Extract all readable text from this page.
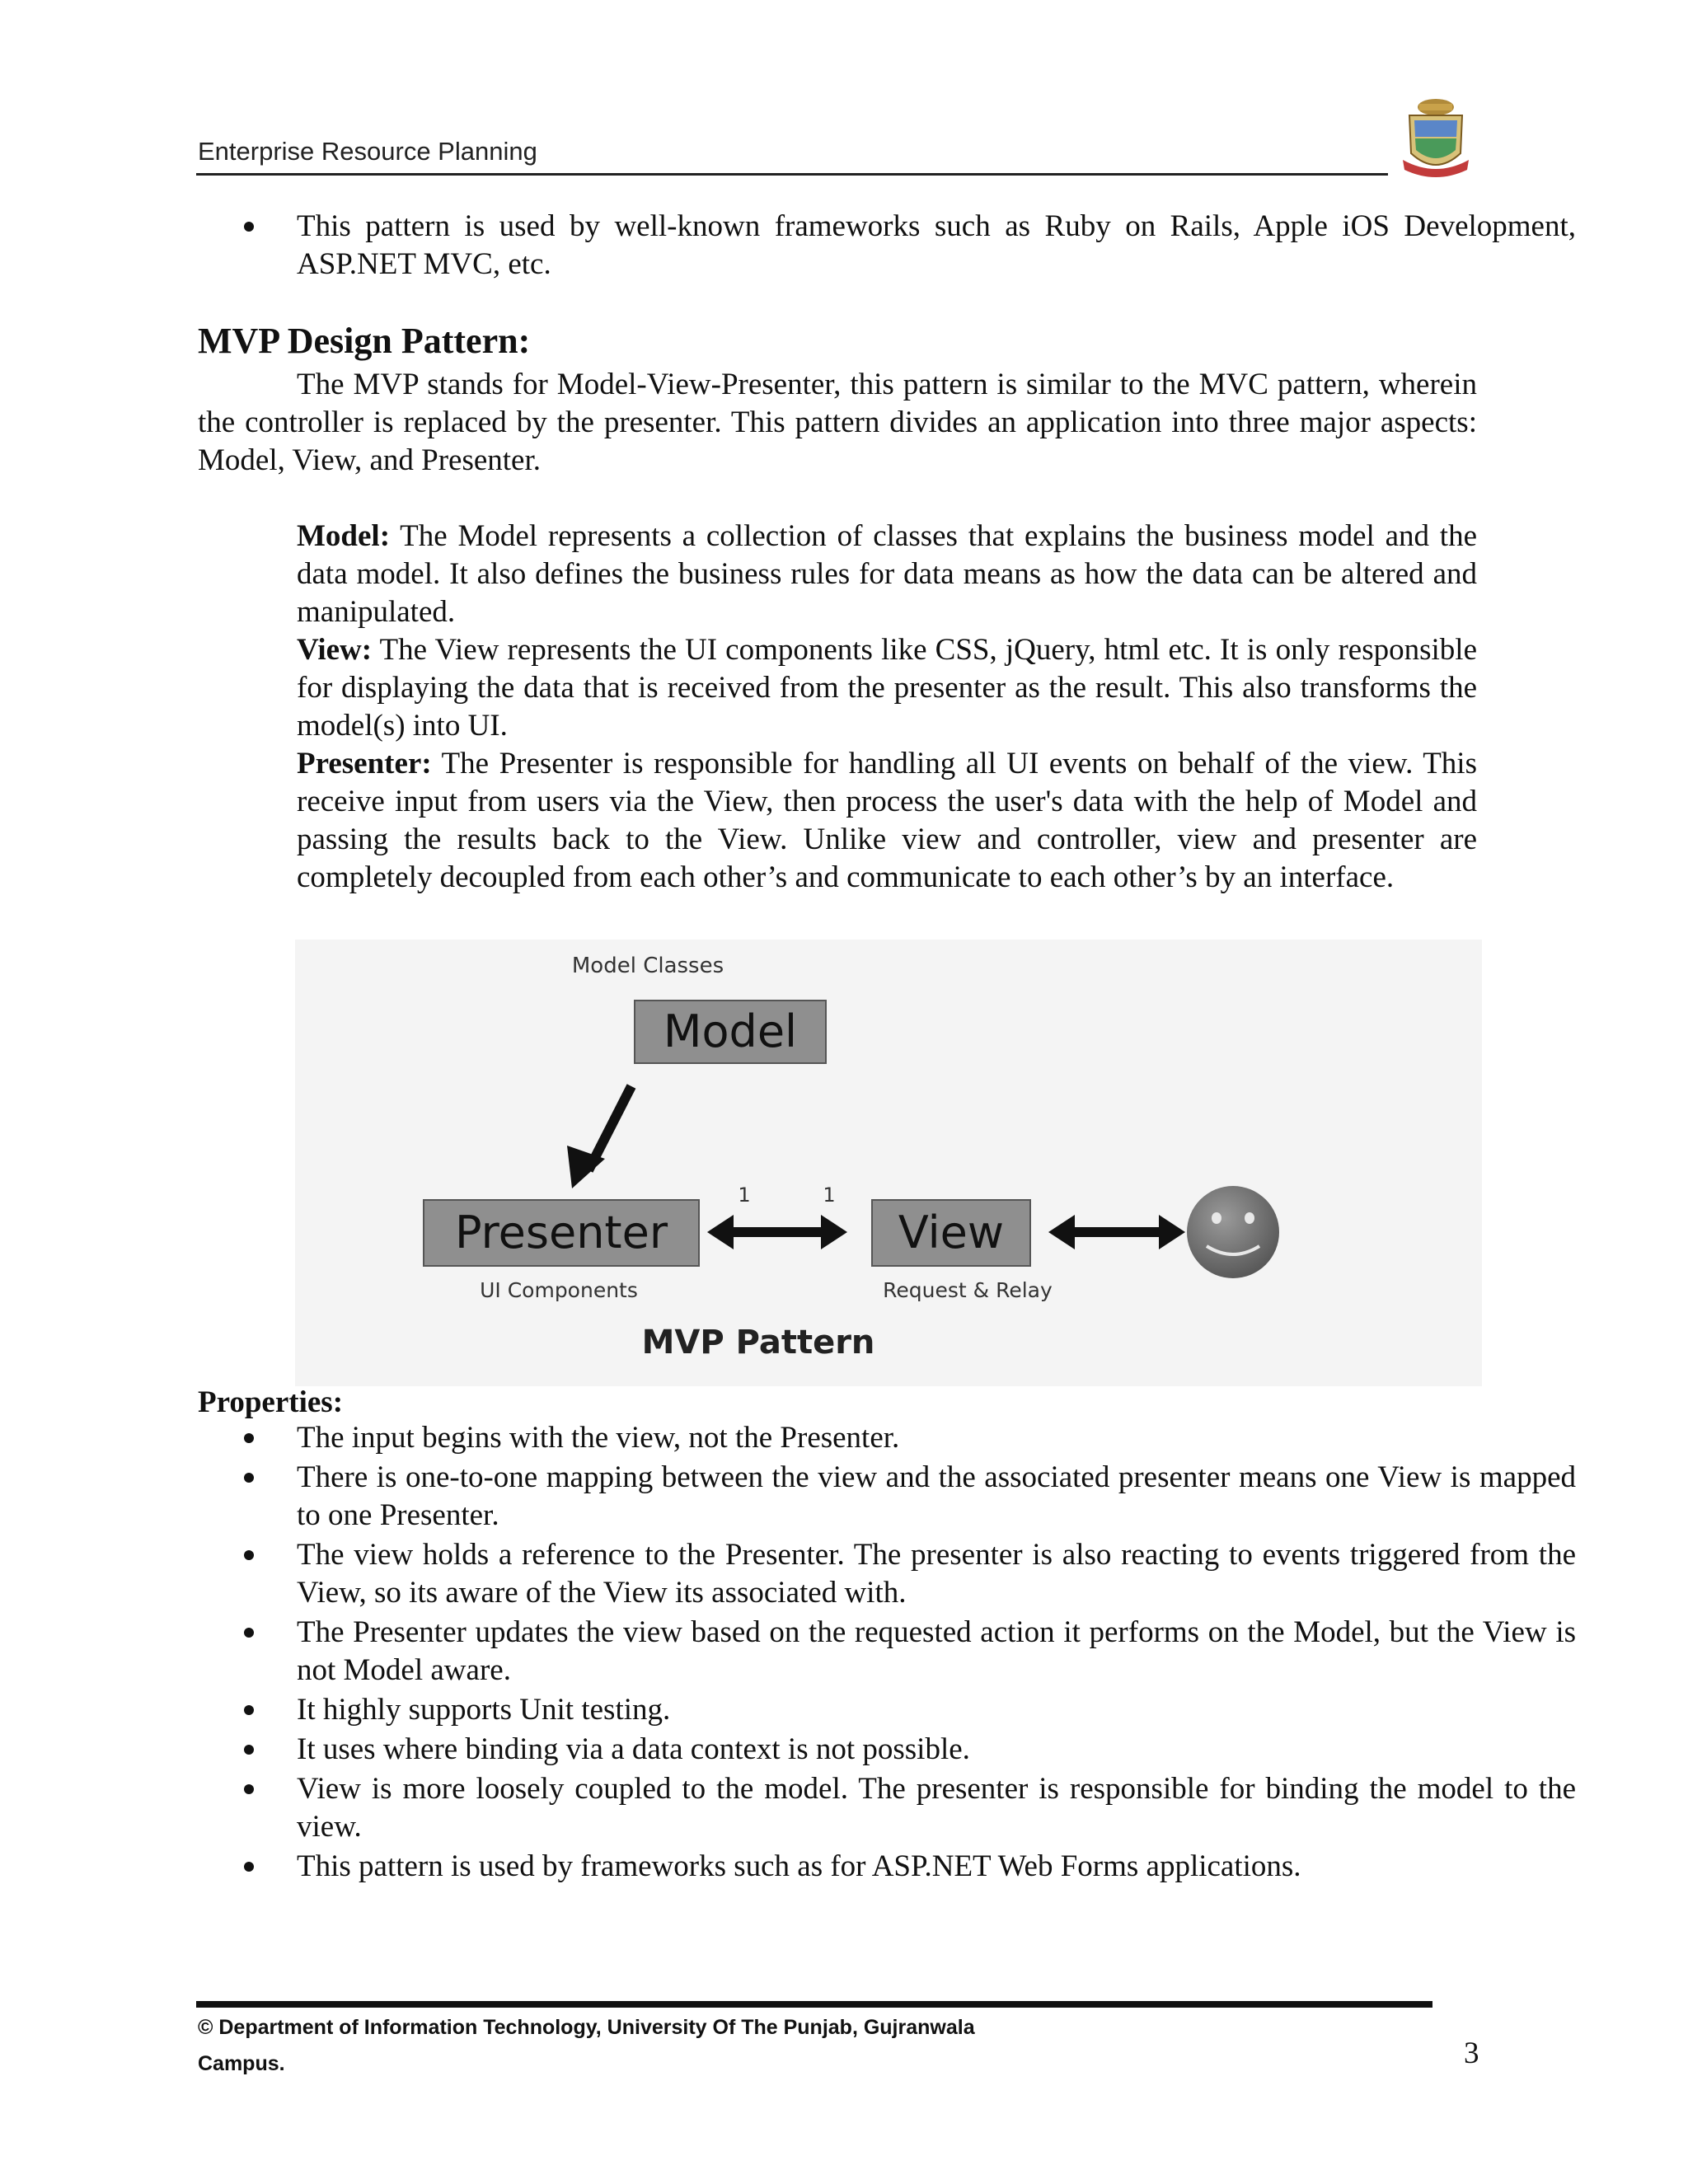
Enterprise Resource Planning
This pattern is used by well-known frameworks such as Ruby on Rails, Apple iOS Development, ASP.NET MVC, etc.
MVP Design Pattern:
The MVP stands for Model-View-Presenter, this pattern is similar to the MVC pattern, wherein the controller is replaced by the presenter. This pattern divides an application into three major aspects: Model, View, and Presenter.

Model: The Model represents a collection of classes that explains the business model and the data model. It also defines the business rules for data means as how the data can be altered and manipulated.

View: The View represents the UI components like CSS, jQuery, html etc. It is only responsible for displaying the data that is received from the presenter as the result. This also transforms the model(s) into UI.

Presenter: The Presenter is responsible for handling all UI events on behalf of the view. This receive input from users via the View, then process the user's data with the help of Model and passing the results back to the View. Unlike view and controller, view and presenter are completely decoupled from each other’s and communicate to each other’s by an interface.

Model Classes
Model
Presenter
UI Components
1	1
View
Request & Relay
MVP Pattern
Properties:
The input begins with the view, not the Presenter.
There is one-to-one mapping between the view and the associated presenter means one View is mapped to one Presenter.
The view holds a reference to the Presenter. The presenter is also reacting to events triggered from the View, so its aware of the View its associated with.
The Presenter updates the view based on the requested action it performs on the Model, but the View is not Model aware.
It highly supports Unit testing.
It uses where binding via a data context is not possible.
View is more loosely coupled to the model. The presenter is responsible for binding the model to the view.
This pattern is used by frameworks such as for ASP.NET Web Forms applications.
© Department of Information Technology, University Of The Punjab, Gujranwala
Campus.	3
